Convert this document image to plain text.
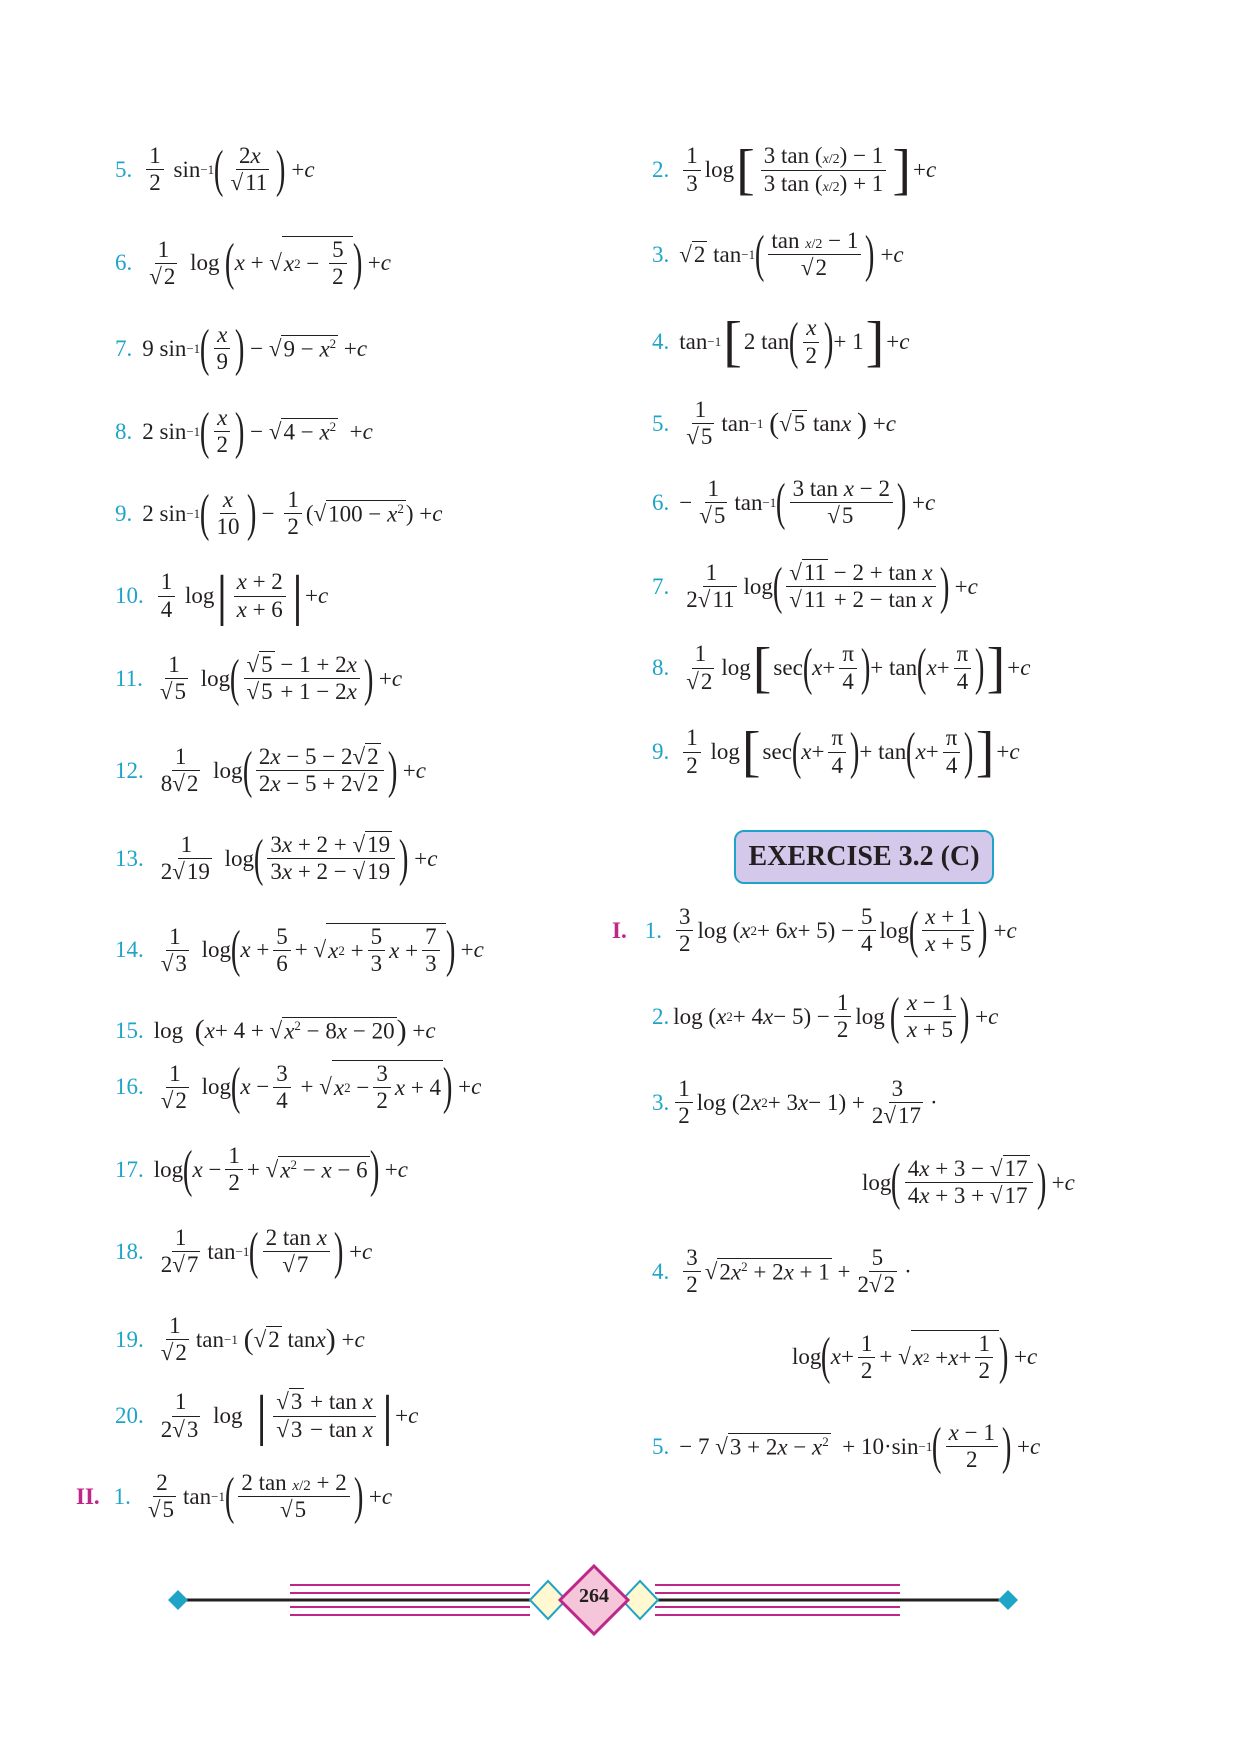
5. $\frac{1}{2}$ sin −1 ( $\frac{2x}{√11}$ ) + c
6. $\frac{1}{√2}$ log ( x + √ x $2 - \frac{5}{2}$ ) + c
7. 9 sin −1 ( $\frac{x}{9}$ ) − √ $9 - x^2 + c$
8. 2 sin −1 ( $\frac{x}{2}$ ) − √ $4 - x^2 + c$
9. 2 sin −1 ( $\frac{x}{10}$ ) − $\frac{1}{2}$ (√ $100 - x^2$ ) + c
10. $\frac{1}{4}$ log | $\frac{x + 2}{x + 6}$ | + c
11. $\frac{1}{√5}$ log ( $\frac{√5 - 1 + 2x}{√5 + 1 - 2x}$ ) + c
12. $\frac{1}{8√2}$ log ( $\frac{2x - 5 - 2√2}{2x - 5 + 2√2}$ ) + c
13. $\frac{1}{2√19}$ log ( $\frac{3x + 2 + √19}{3x + 2 - √19}$ ) + c
14. $\frac{1}{√3}$ log ( $x + \frac{5}{6}$ + √ x $2 + \frac{5}{3}$ $x + \frac{7}{3}$ ) + c
15. log ( x + 4 + √ $x^2 - 8x - 20$ ) + c
16. $\frac{1}{√2}$ log ( $x - \frac{3}{4}$ + √ x $2 - \frac{3}{2}$ x + 4 ) + c
17. log ( $x - \frac{1}{2}$ + √ $x^2 - x - 6$ ) + c
18. $\frac{1}{2√7}$ tan −1 ( $\frac{\text{2 tan x}}{√7}$ ) + c
19. $\frac{1}{√2}$ tan −1
( √ 2 tan x ) + c
20. $\frac{1}{2√3}$ log | $\frac{\text{√3 + tan x}}{\text{√3 − tan x}}$ | + c
II. 1. $\frac{2}{√5}$ tan −1 ( $\frac{\text{2 tan x/2 + 2}}{√5}$ ) + c
2. $\frac{1}{3}$ log [ $\frac{3 \tan (x/2) - 1}{3 \tan (x/2) + 1}$ ] + c
3. √ 2 tan −1 ( $\frac{\text{tan x/2 − 1}}{√2}$ ) + c
4. tan −1 [ 2 tan ( $\frac{x}{2}$ ) + 1 ] + c
5. $\frac{1}{√5}$ tan −1
( √ 5 tan x
) + c
6. − $\frac{1}{√5}$ tan −1 ( $\frac{\text{3 tan x − 2}}{√5}$ ) + c
7. $\frac{1}{2√11}$ log ( $\frac{\text{√11 − 2 + tan x}}{\text{√11 + 2 − tan x}}$ ) + c
8. $\frac{1}{√2}$ log [ sec ( $x + \frac{\pi}{4}$ ) + tan ( $x + \frac{\pi}{4}$ ) ] + c
9. $\frac{1}{2}$ log [ sec ( $x + \frac{\pi}{4}$ ) + tan ( $x + \frac{\pi}{4}$ ) ] + c
EXERCISE 3.2 (C)
I. 1. $\frac{3}{2}$ log ( x 2 + 6 $x + 5) - \frac{5}{4}$ log ( $\frac{x + 1}{x + 5}$ ) + c
2. log ( x 2 + 4 $x - 5) - \frac{1}{2}$ log ( $\frac{x - 1}{x + 5}$ ) + c
3. $\frac{1}{2}$ log (2 x 2 + 3 $x - 1) + \frac{3}{2√17}$ ·
log ( $\frac{4x + 3 - √17}{4x + 3 + √17}$ ) + c
4. $\frac{3}{2}$ √ $2x^2 + 2x + 1 + \frac{5}{2√2}$ ·
log ( $x + \frac{1}{2}$ + √ x $2 + x + \frac{1}{2}$ ) + c
5. − 7 √ $3 + 2x - x^2 + 10\cdot\sin -1$ ( $\frac{x - 1}{2}$ ) + c
264
